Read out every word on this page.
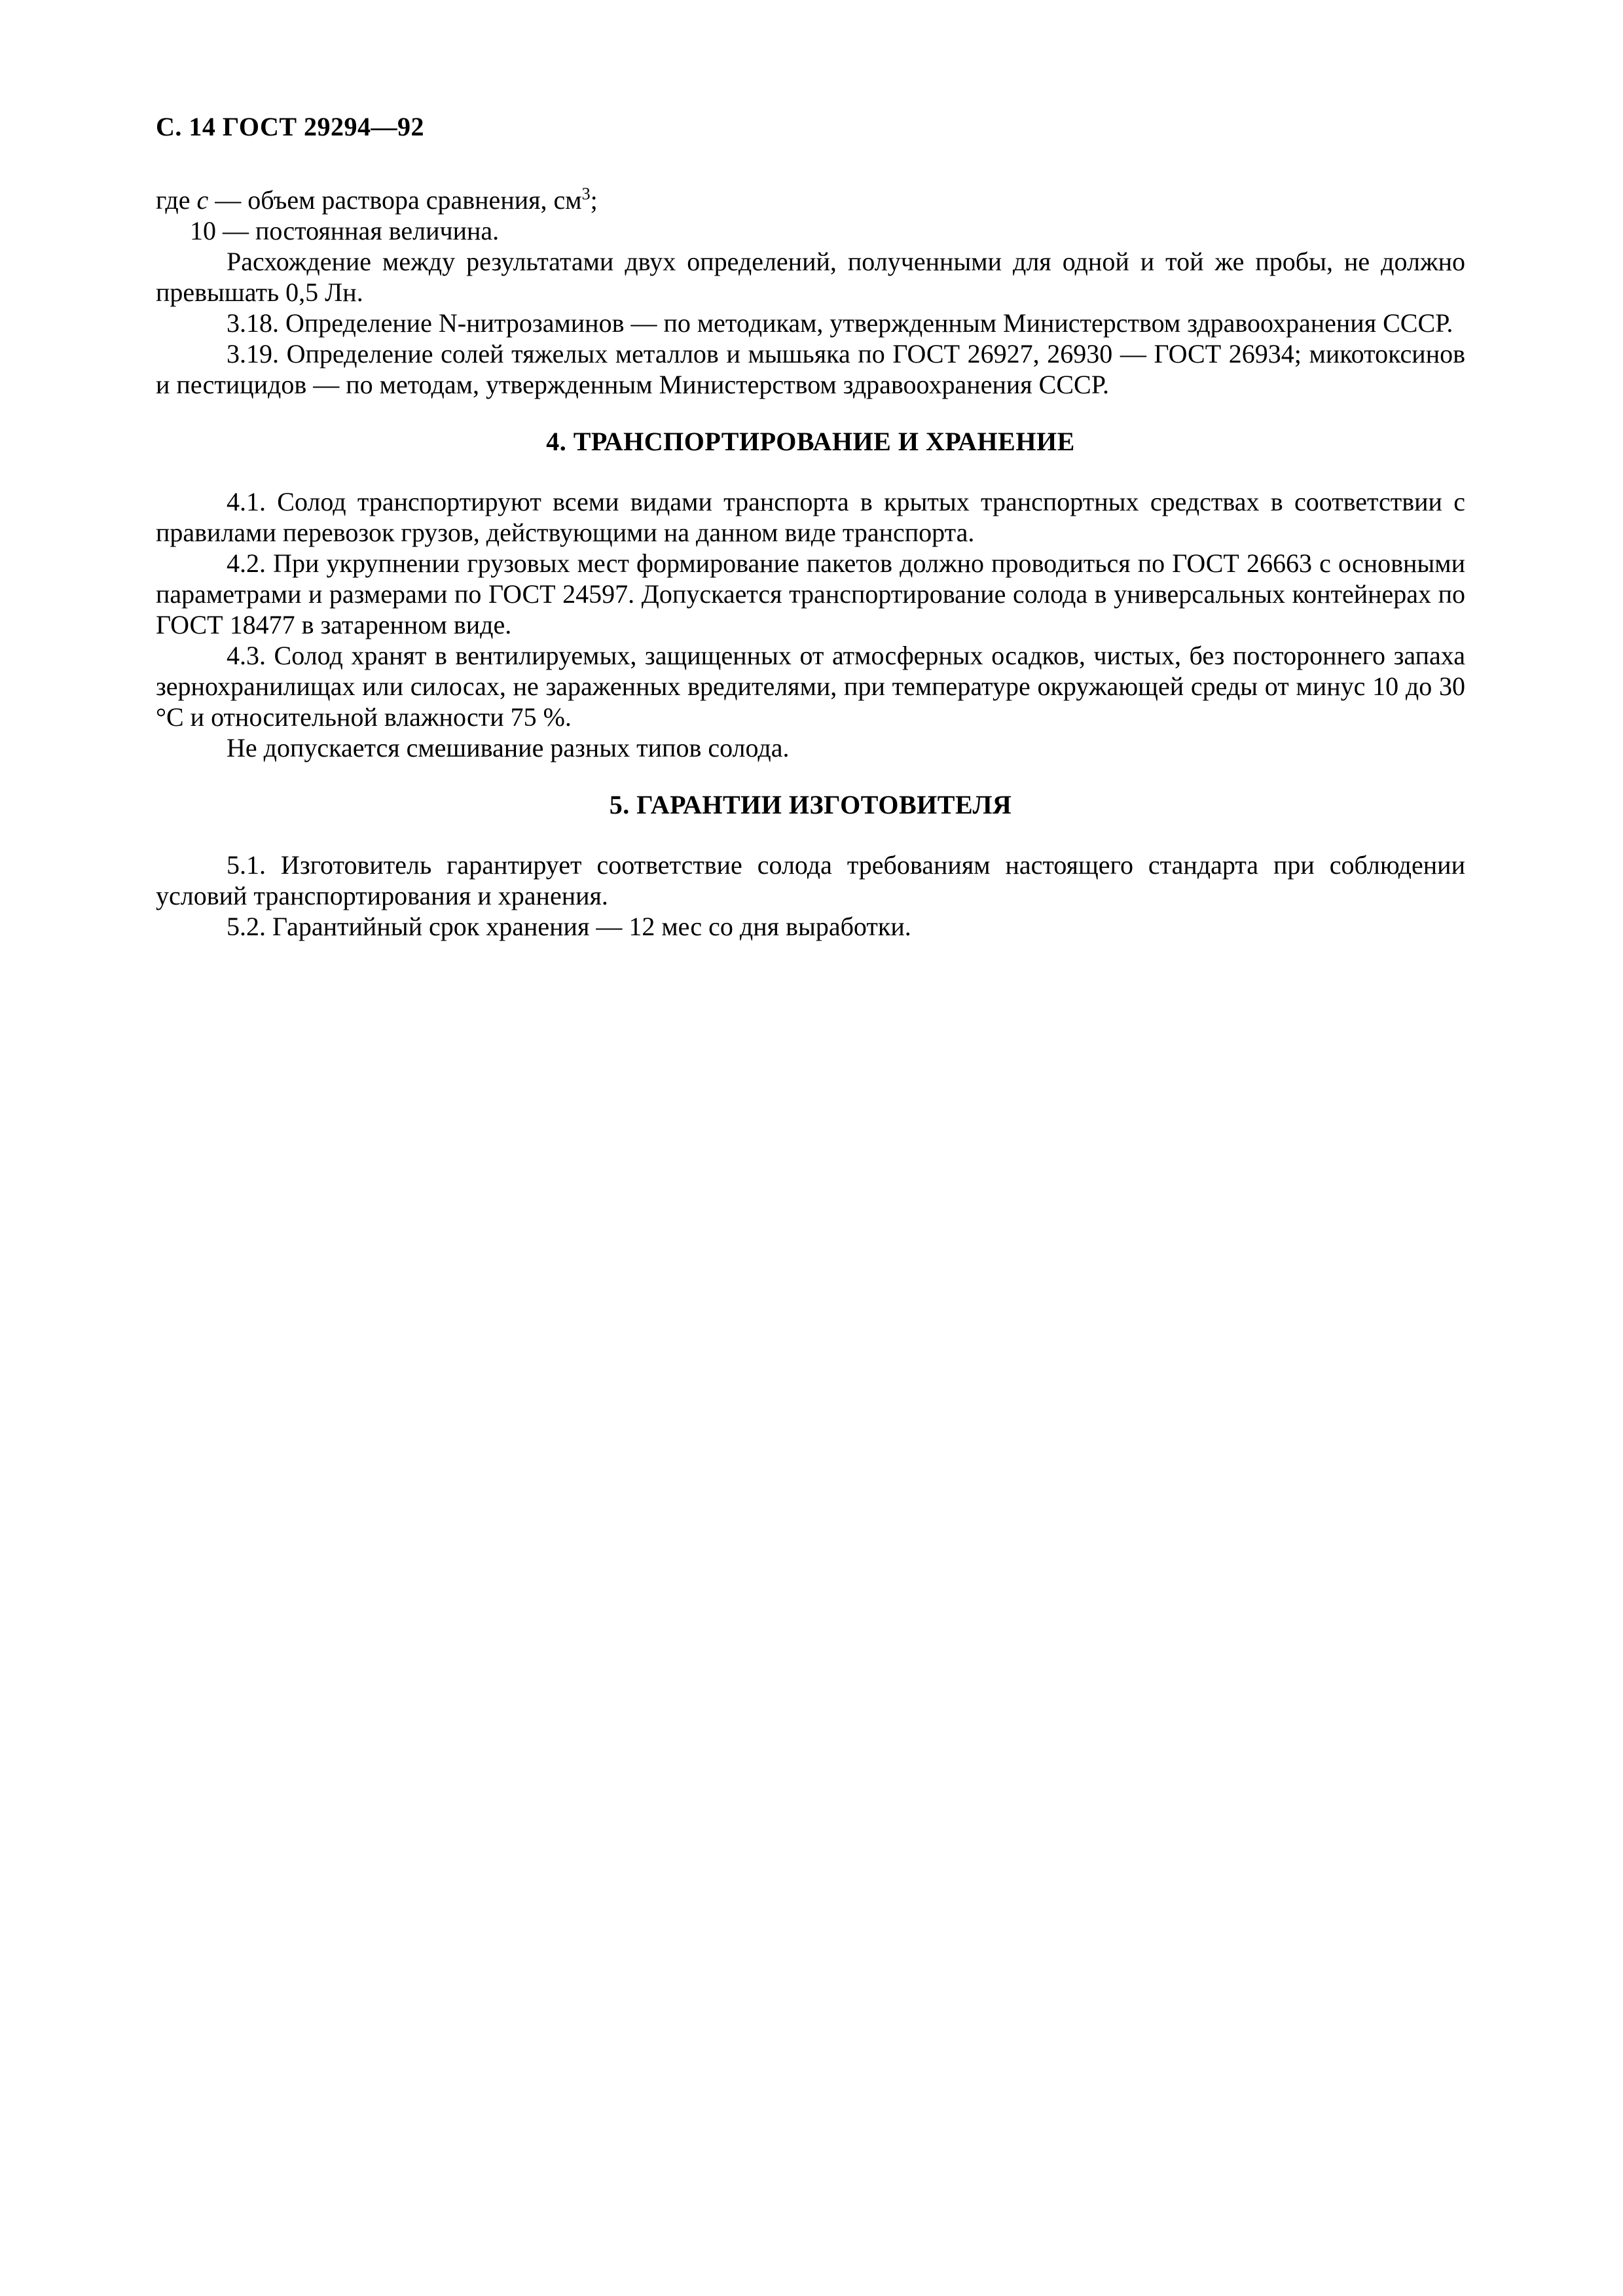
С. 14 ГОСТ 29294—92

где c — объем раствора сравнения, $см^3$;

10 — постоянная величина.

Расхождение между результатами двух определений, полученными для одной и той же пробы, не должно превышать 0,5 Лн.

3.18. Определение N-нитрозаминов — по методикам, утвержденным Министерством здравоохранения СССР.

3.19. Определение солей тяжелых металлов и мышьяка по ГОСТ 26927, 26930 — ГОСТ 26934; микотоксинов и пестицидов — по методам, утвержденным Министерством здравоохранения СССР.

4. ТРАНСПОРТИРОВАНИЕ И ХРАНЕНИЕ

4.1. Солод транспортируют всеми видами транспорта в крытых транспортных средствах в соответствии с правилами перевозок грузов, действующими на данном виде транспорта.

4.2. При укрупнении грузовых мест формирование пакетов должно проводиться по ГОСТ 26663 с основными параметрами и размерами по ГОСТ 24597. Допускается транспортирование солода в универсальных контейнерах по ГОСТ 18477 в затаренном виде.

4.3. Солод хранят в вентилируемых, защищенных от атмосферных осадков, чистых, без постороннего запаха зернохранилищах или силосах, не зараженных вредителями, при температуре окружающей среды от минус 10 до 30 °С и относительной влажности 75 %.

Не допускается смешивание разных типов солода.

5. ГАРАНТИИ ИЗГОТОВИТЕЛЯ

5.1. Изготовитель гарантирует соответствие солода требованиям настоящего стандарта при соблюдении условий транспортирования и хранения.

5.2. Гарантийный срок хранения — 12 мес со дня выработки.
